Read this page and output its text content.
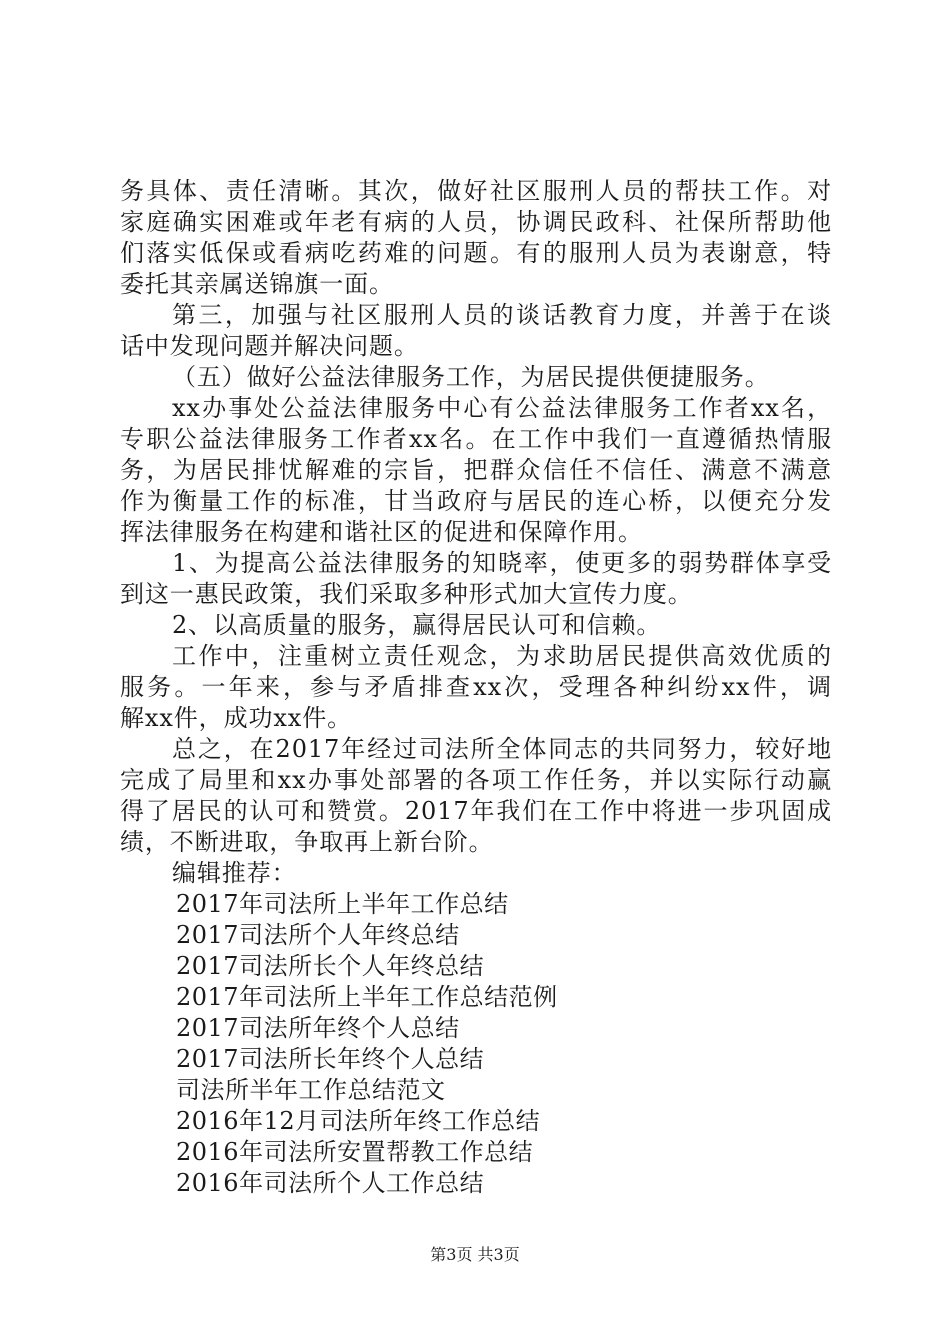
务具体、责任清晰。其次，做好社区服刑人员的帮扶工作。对
家庭确实困难或年老有病的人员，协调民政科、社保所帮助他
们落实低保或看病吃药难的问题。有的服刑人员为表谢意，特
委托其亲属送锦旗一面。
第三，加强与社区服刑人员的谈话教育力度，并善于在谈
话中发现问题并解决问题。
（五）做好公益法律服务工作，为居民提供便捷服务。
xx办事处公益法律服务中心有公益法律服务工作者xx名，
专职公益法律服务工作者xx名。在工作中我们一直遵循热情服
务，为居民排忧解难的宗旨，把群众信任不信任、满意不满意
作为衡量工作的标准，甘当政府与居民的连心桥，以便充分发
挥法律服务在构建和谐社区的促进和保障作用。
1、为提高公益法律服务的知晓率，使更多的弱势群体享受
到这一惠民政策，我们采取多种形式加大宣传力度。
2、以高质量的服务，赢得居民认可和信赖。
工作中，注重树立责任观念，为求助居民提供高效优质的
服务。一年来，参与矛盾排查xx次，受理各种纠纷xx件，调
解xx件，成功xx件。
总之，在2017年经过司法所全体同志的共同努力，较好地
完成了局里和xx办事处部署的各项工作任务，并以实际行动赢
得了居民的认可和赞赏。2017年我们在工作中将进一步巩固成
绩，不断进取，争取再上新台阶。
编辑推荐：
2017年司法所上半年工作总结
2017司法所个人年终总结
2017司法所长个人年终总结
2017年司法所上半年工作总结范例
2017司法所年终个人总结
2017司法所长年终个人总结
司法所半年工作总结范文
2016年12月司法所年终工作总结
2016年司法所安置帮教工作总结
2016年司法所个人工作总结
第3页 共3页
